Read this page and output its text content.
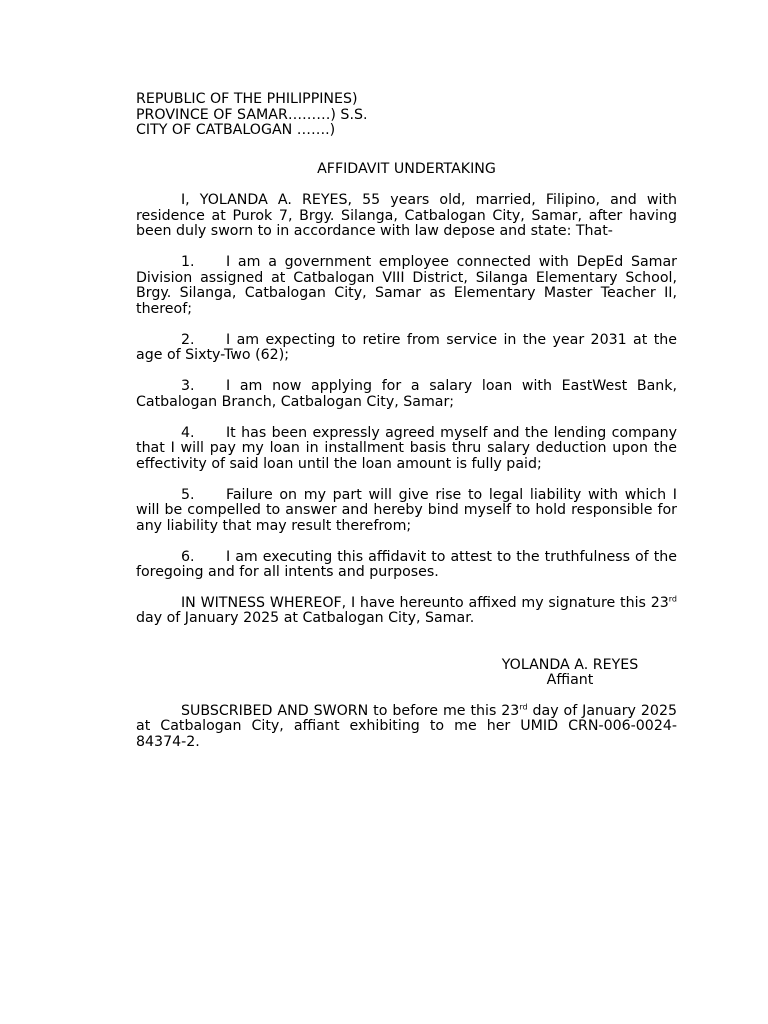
REPUBLIC OF THE PHILIPPINES)
PROVINCE OF SAMAR………) S.S.
CITY OF CATBALOGAN …….)
AFFIDAVIT UNDERTAKING

I, YOLANDA A. REYES, 55 years old, married, Filipino, and with residence at Purok 7, Brgy. Silanga, Catbalogan City, Samar, after having been duly sworn to in accordance with law depose and state: That-

1. I am a government employee connected with DepEd Samar Division assigned at Catbalogan VIII District, Silanga Elementary School, Brgy. Silanga, Catbalogan City, Samar as Elementary Master Teacher II, thereof;

2. I am expecting to retire from service in the year 2031 at the age of Sixty-Two (62);

3. I am now applying for a salary loan with EastWest Bank, Catbalogan Branch, Catbalogan City, Samar;

4. It has been expressly agreed myself and the lending company that I will pay my loan in installment basis thru salary deduction upon the effectivity of said loan until the loan amount is fully paid;

5. Failure on my part will give rise to legal liability with which I will be compelled to answer and hereby bind myself to hold responsible for any liability that may result therefrom;

6. I am executing this affidavit to attest to the truthfulness of the foregoing and for all intents and purposes.

IN WITNESS WHEREOF, I have hereunto affixed my signature this 23rd day of January 2025 at Catbalogan City, Samar.

YOLANDA A. REYES
Affiant

SUBSCRIBED AND SWORN to before me this 23rd day of January 2025 at Catbalogan City, affiant exhibiting to me her UMID CRN-006-0024-84374-2.
